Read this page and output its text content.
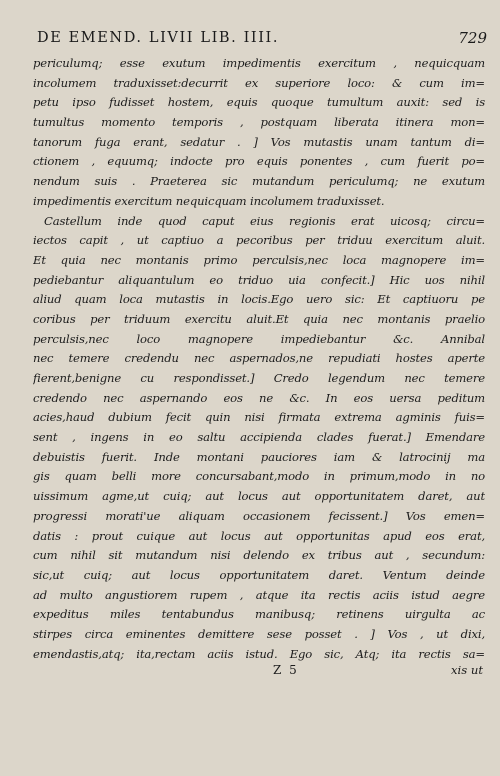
DE EMEND. LIVII LIB. IIII.	729
periculumq; esse exutum impedimentis exercitum , nequicquam
incolumem traduxisset:decurrit ex superiore loco: & cum im=
petu ipso fudisset hostem, equis quoque tumultum auxit: sed is
tumultus momento temporis , postquam liberata itinera mon=
tanorum fuga erant, sedatur . ] Vos mutastis unam tantum di=
ctionem , equumq; indocte pro equis ponentes , cum fuerit po=
nendum suis . Praeterea sic mutandum periculumq; ne exutum
impedimentis exercitum nequicquam incolumem traduxisset.
Castellum inde quod caput eius regionis erat uicosq; circu=
iectos capit , ut captiuo a pecoribus per triduu exercitum aluit.
Et quia nec montanis primo perculsis,nec loca magnopere im=
pediebantur aliquantulum eo triduo uia confecit.] Hic uos nihil
aliud quam loca mutastis in locis.Ego uero sic: Et captiuoru pe
coribus per triduum exercitu aluit.Et quia nec montanis praelio
perculsis,nec loco magnopere impediebantur &c. Annibal
nec temere credendu nec aspernados,ne repudiati hostes aperte
fierent,benigne cu respondisset.] Credo legendum nec temere
credendo nec aspernando eos ne &c. In eos uersa peditum
acies,haud dubium fecit quin nisi firmata extrema agminis fuis=
sent , ingens in eo saltu accipienda clades fuerat.] Emendare
debuistis fuerit. Inde montani pauciores iam & latrocinij ma
gis quam belli more concursabant,modo in primum,modo in no
uissimum agme,ut cuiq; aut locus aut opportunitatem daret, aut
progressi morati'ue aliquam occasionem fecissent.] Vos emen=
datis : prout cuique aut locus aut opportunitas apud eos erat,
cum nihil sit mutandum nisi delendo ex tribus aut , secundum:
sic,ut cuiq; aut locus opportunitatem daret. Ventum deinde
ad multo angustiorem rupem , atque ita rectis aciis istud aegre
expeditus miles tentabundus manibusq; retinens uirgulta ac
stirpes circa eminentes demittere sese posset . ] Vos , ut dixi,
emendastis,atq; ita,rectam aciis istud. Ego sic, Atq; ita rectis sa=
Z 5	xis ut
